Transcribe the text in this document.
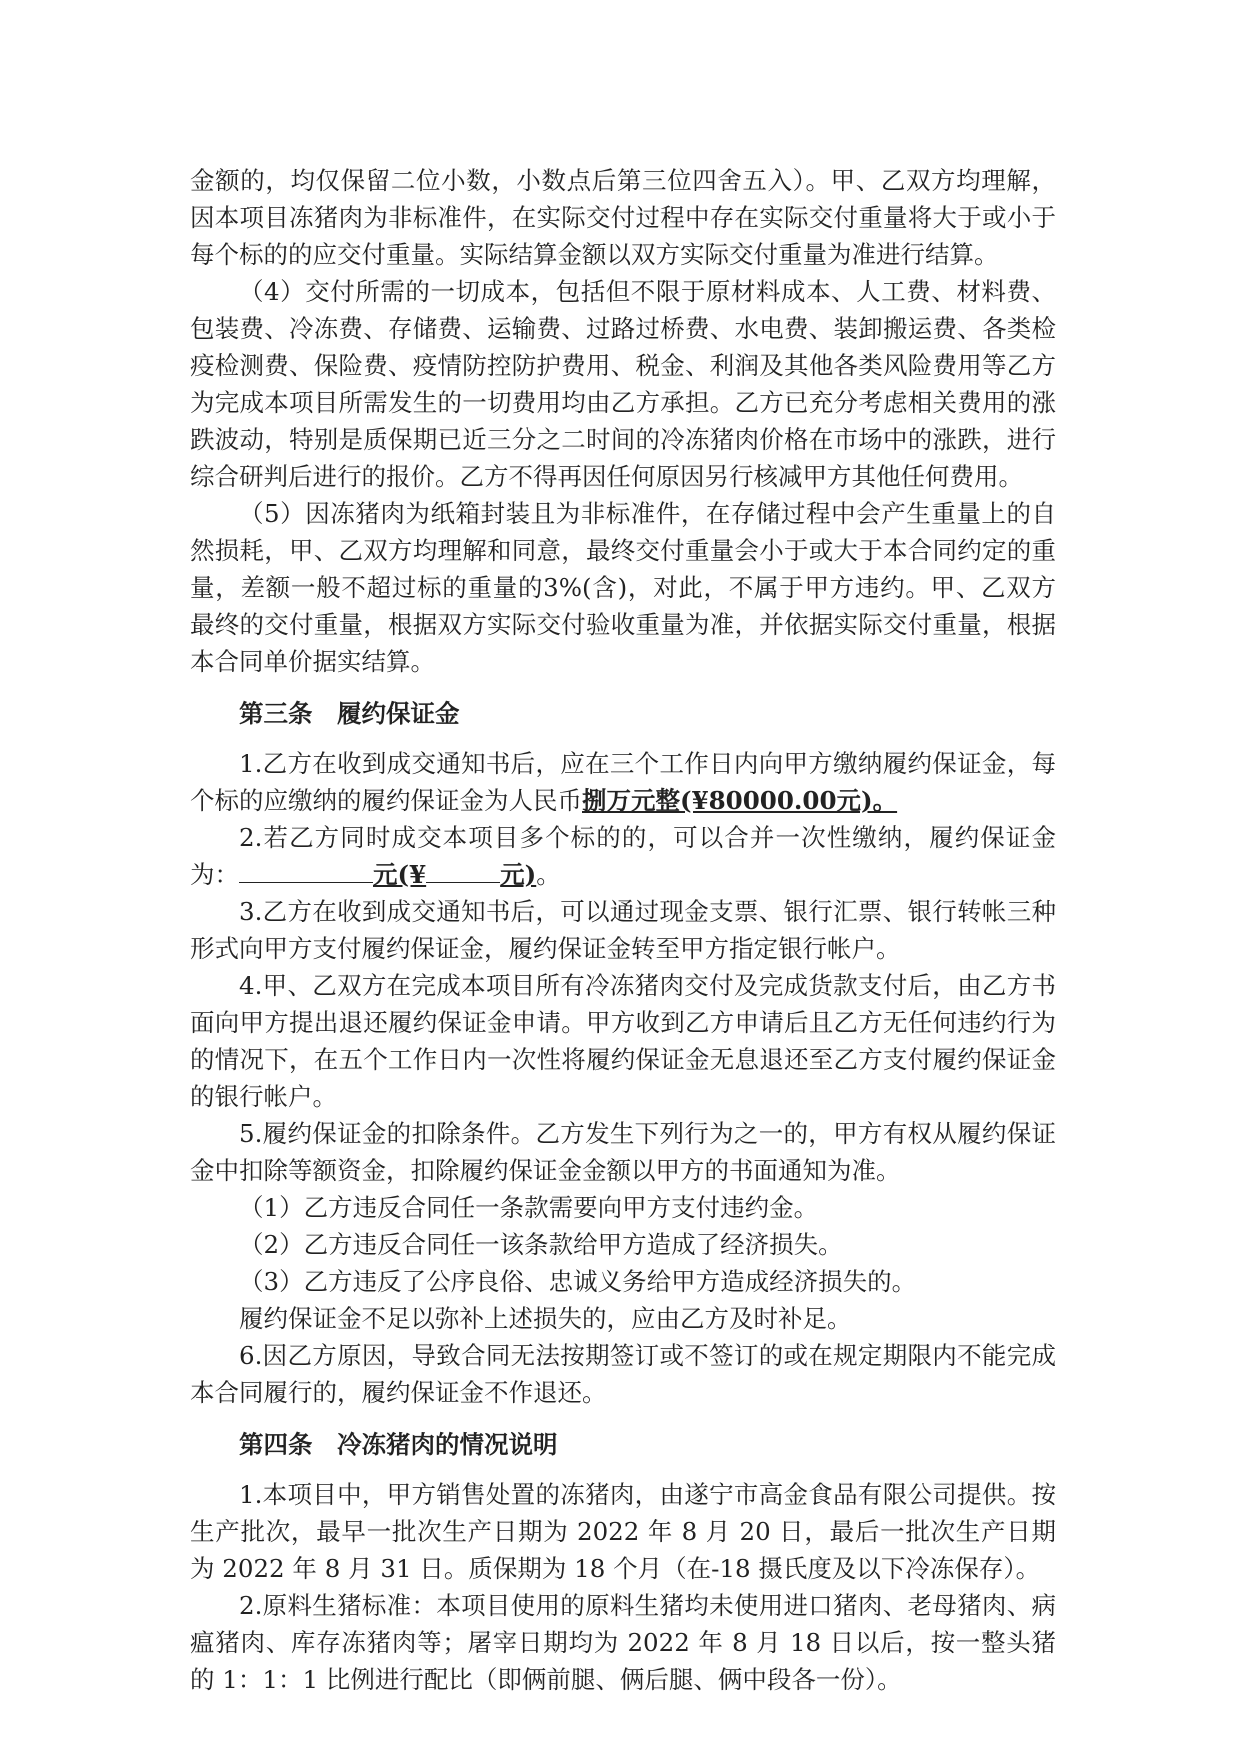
金额的，均仅保留二位小数，小数点后第三位四舍五入）。甲、乙双方均理解，因本项目冻猪肉为非标准件，在实际交付过程中存在实际交付重量将大于或小于每个标的的应交付重量。实际结算金额以双方实际交付重量为准进行结算。

（4）交付所需的一切成本，包括但不限于原材料成本、人工费、材料费、包装费、冷冻费、存储费、运输费、过路过桥费、水电费、装卸搬运费、各类检疫检测费、保险费、疫情防控防护费用、税金、利润及其他各类风险费用等乙方为完成本项目所需发生的一切费用均由乙方承担。乙方已充分考虑相关费用的涨跌波动，特别是质保期已近三分之二时间的冷冻猪肉价格在市场中的涨跌，进行综合研判后进行的报价。乙方不得再因任何原因另行核减甲方其他任何费用。

（5）因冻猪肉为纸箱封装且为非标准件，在存储过程中会产生重量上的自然损耗，甲、乙双方均理解和同意，最终交付重量会小于或大于本合同约定的重量，差额一般不超过标的重量的3%(含)，对此，不属于甲方违约。甲、乙双方最终的交付重量，根据双方实际交付验收重量为准，并依据实际交付重量，根据本合同单价据实结算。

第三条　履约保证金

1.乙方在收到成交通知书后，应在三个工作日内向甲方缴纳履约保证金，每个标的应缴纳的履约保证金为人民币捌万元整(¥80000.00元)。

2.若乙方同时成交本项目多个标的的，可以合并一次性缴纳，履约保证金为：	元(¥	元)。

3.乙方在收到成交通知书后，可以通过现金支票、银行汇票、银行转帐三种形式向甲方支付履约保证金，履约保证金转至甲方指定银行帐户。

4.甲、乙双方在完成本项目所有冷冻猪肉交付及完成货款支付后，由乙方书面向甲方提出退还履约保证金申请。甲方收到乙方申请后且乙方无任何违约行为的情况下，在五个工作日内一次性将履约保证金无息退还至乙方支付履约保证金的银行帐户。

5.履约保证金的扣除条件。乙方发生下列行为之一的，甲方有权从履约保证金中扣除等额资金，扣除履约保证金金额以甲方的书面通知为准。

（1）乙方违反合同任一条款需要向甲方支付违约金。

（2）乙方违反合同任一该条款给甲方造成了经济损失。

（3）乙方违反了公序良俗、忠诚义务给甲方造成经济损失的。

履约保证金不足以弥补上述损失的，应由乙方及时补足。

6.因乙方原因，导致合同无法按期签订或不签订的或在规定期限内不能完成本合同履行的，履约保证金不作退还。

第四条　冷冻猪肉的情况说明

1.本项目中，甲方销售处置的冻猪肉，由遂宁市高金食品有限公司提供。按生产批次，最早一批次生产日期为 2022 年 8 月 20 日，最后一批次生产日期为 2022 年 8 月 31 日。质保期为 18 个月（在-18 摄氏度及以下冷冻保存）。

2.原料生猪标准：本项目使用的原料生猪均未使用进口猪肉、老母猪肉、病瘟猪肉、库存冻猪肉等；屠宰日期均为 2022 年 8 月 18 日以后，按一整头猪的 1：1：1 比例进行配比（即俩前腿、俩后腿、俩中段各一份）。
